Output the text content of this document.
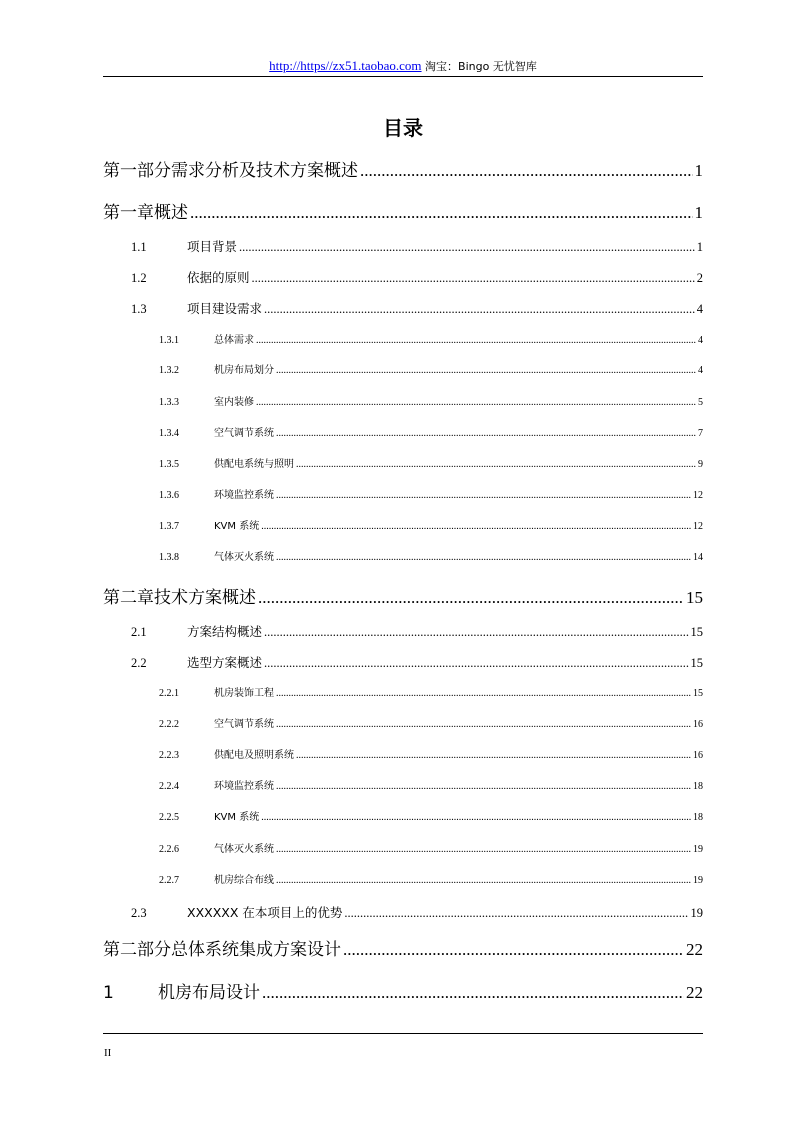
http://https//zx51.taobao.com 淘宝：Bingo 无忧智库
目录
第一部分需求分析及技术方案概述 .....	1
第一章概述 .....	1
1.1	项目背景 .....	1
1.2	依据的原则 .....	2
1.3	项目建设需求 .....	4
1.3.1	总体需求 .....	4
1.3.2	机房布局划分 .....	4
1.3.3	室内装修 .....	5
1.3.4	空气调节系统 .....	7
1.3.5	供配电系统与照明 .....	9
1.3.6	环境监控系统 .....	12
1.3.7	KVM 系统 .....	12
1.3.8	气体灭火系统 .....	14
第二章技术方案概述 .....	15
2.1	方案结构概述 .....	15
2.2	选型方案概述 .....	15
2.2.1	机房装饰工程 .....	15
2.2.2	空气调节系统 .....	16
2.2.3	供配电及照明系统 .....	16
2.2.4	环境监控系统 .....	18
2.2.5	KVM 系统 .....	18
2.2.6	气体灭火系统 .....	19
2.2.7	机房综合布线 .....	19
2.3	XXXXXX 在本项目上的优势 .....	19
第二部分总体系统集成方案设计 .....	22
1	机房布局设计 .....	22
II
